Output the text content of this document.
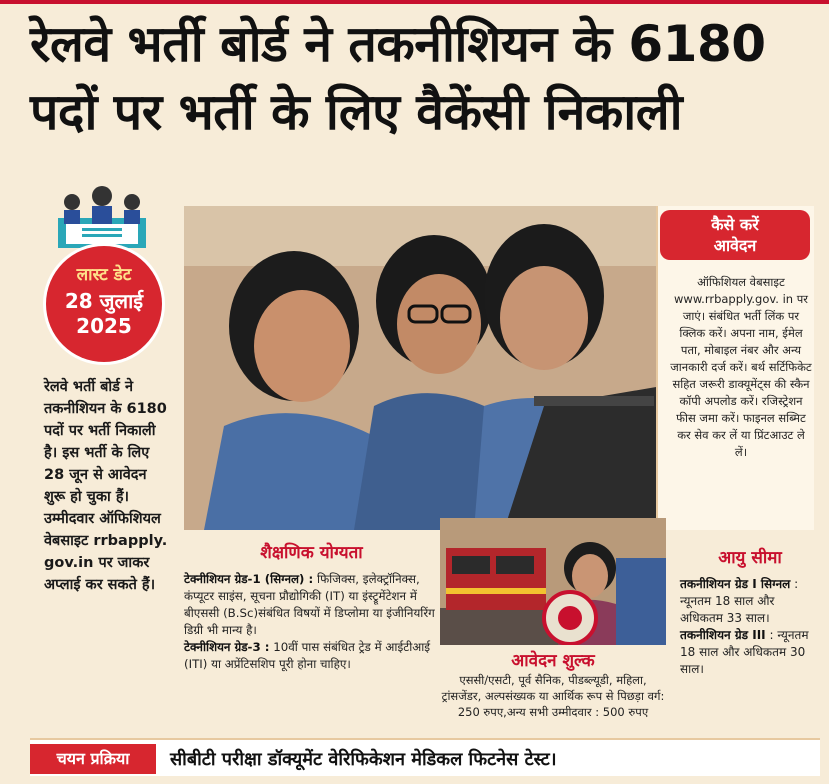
रेलवे भर्ती बोर्ड ने तकनीशियन के 6180
पदों पर भर्ती के लिए वैकेंसी निकाली
लास्ट डेट
28 जुलाई
2025

रेलवे भर्ती बोर्ड ने तकनीशियन के 6180 पदों पर भर्ती निकाली है। इस भर्ती के लिए 28 जून से आवेदन शुरू हो चुका हैं। उम्मीदवार ऑफिशियल वेबसाइट rrbapply. gov.in पर जाकर अप्लाई कर सकते हैं।

कैसे करें
आवेदन

ऑफिशियल वेबसाइट www.rrbapply.gov. in पर जाएं। संबंधित भर्ती लिंक पर क्लिक करें। अपना नाम, ईमेल पता, मोबाइल नंबर और अन्य जानकारी दर्ज करें। बर्थ सर्टिफिकेट सहित जरूरी डाक्यूमेंट्स की स्कैन कॉपी अपलोड करें। रजिस्ट्रेशन फीस जमा करें। फाइनल सब्मिट कर सेव कर लें या प्रिंटआउट ले लें।

शैक्षणिक योग्यता
टेक्नीशियन ग्रेड-1 (सिग्नल) : फिजिक्स, इलेक्ट्रॉनिक्स, कंप्यूटर साइंस, सूचना प्रौद्योगिकी (IT) या इंस्ट्रूमेंटेशन में बीएससी (B.Sc)संबंधित विषयों में डिप्लोमा या इंजीनियरिंग डिग्री भी मान्य है।
टेक्नीशियन ग्रेड-3 : 10वीं पास संबंधित ट्रेड में आईटीआई (ITI) या अप्रेंटिसशिप पूरी होना चाहिए।	आवेदन शुल्क

एससी/एसटी, पूर्व सैनिक, पीडब्ल्यूडी, महिला, ट्रांसजेंडर, अल्पसंख्यक या आर्थिक रूप से पिछड़ा वर्ग: 250 रुपए,अन्य सभी उम्मीदवार : 500 रुपए

आयु सीमा
तकनीशियन ग्रेड I सिग्नल : न्यूनतम 18 साल और अधिकतम 33 साल।
तकनीशियन ग्रेड III : न्यूनतम 18 साल और अधिकतम 30 साल।
चयन प्रक्रिया	सीबीटी परीक्षा डॉक्यूमेंट वेरिफिकेशन मेडिकल फिटनेस टेस्ट।
